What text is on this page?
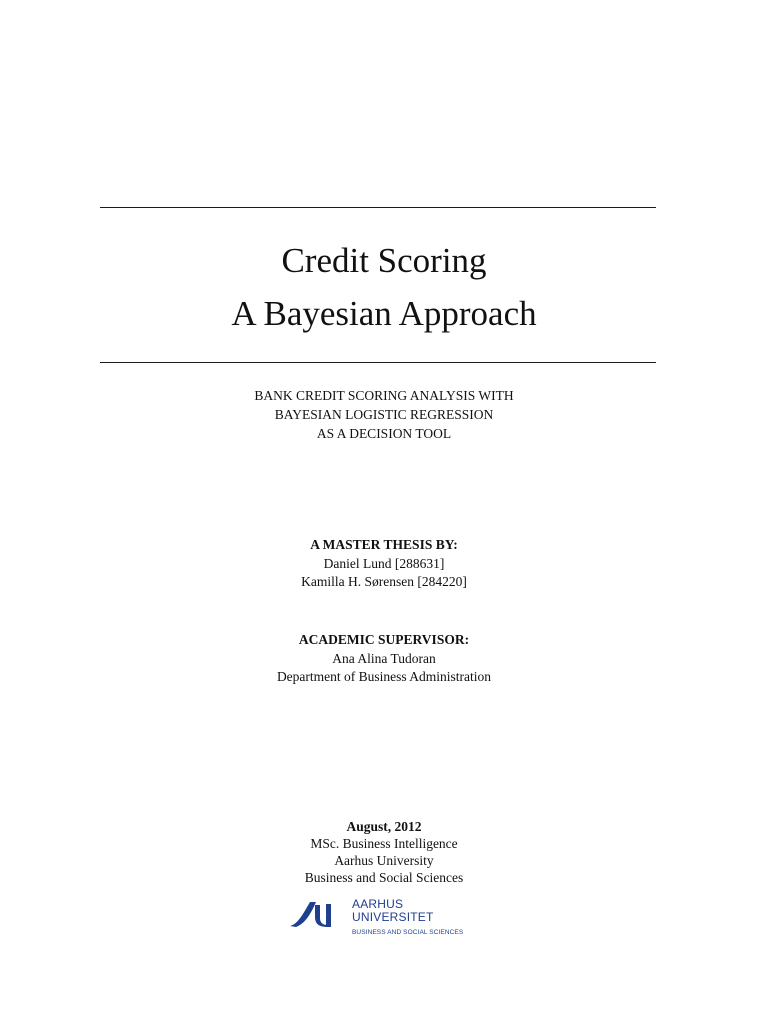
Credit Scoring
A Bayesian Approach
BANK CREDIT SCORING ANALYSIS WITH
BAYESIAN LOGISTIC REGRESSION
AS A DECISION TOOL
A MASTER THESIS BY:
Daniel Lund [288631]
Kamilla H. Sørensen [284220]
ACADEMIC SUPERVISOR:
Ana Alina Tudoran
Department of Business Administration
August, 2012
MSc. Business Intelligence
Aarhus University
Business and Social Sciences
AARHUS
UNIVERSITET
BUSINESS AND SOCIAL SCIENCES
